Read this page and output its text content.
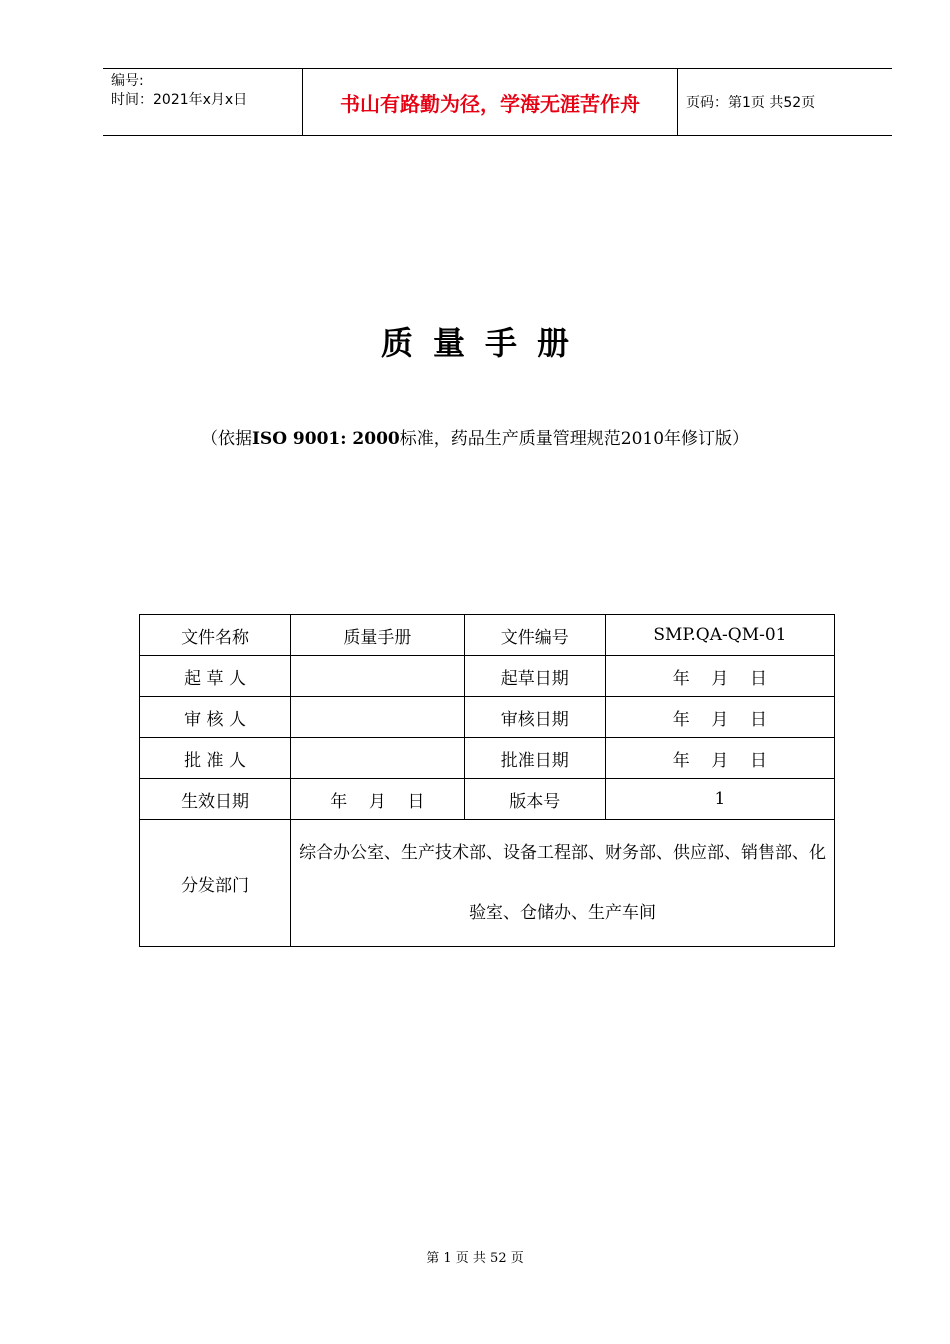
编号:
时间：2021年x月x日	书山有路勤为径，学海无涯苦作舟	页码：第1页 共52页
质量手册
（依据ISO 9001: 2000标准，药品生产质量管理规范2010年修订版）
文件名称	质量手册	文件编号	SMP.QA-QM-01
起 草 人		起草日期	年    月    日
审 核 人		审核日期	年    月    日
批 准 人		批准日期	年    月    日
生效日期	年    月    日	版本号	1
分发部门	综合办公室、生产技术部、设备工程部、财务部、供应部、销售部、化验室、仓储办、生产车间		
第 1 页 共 52 页
